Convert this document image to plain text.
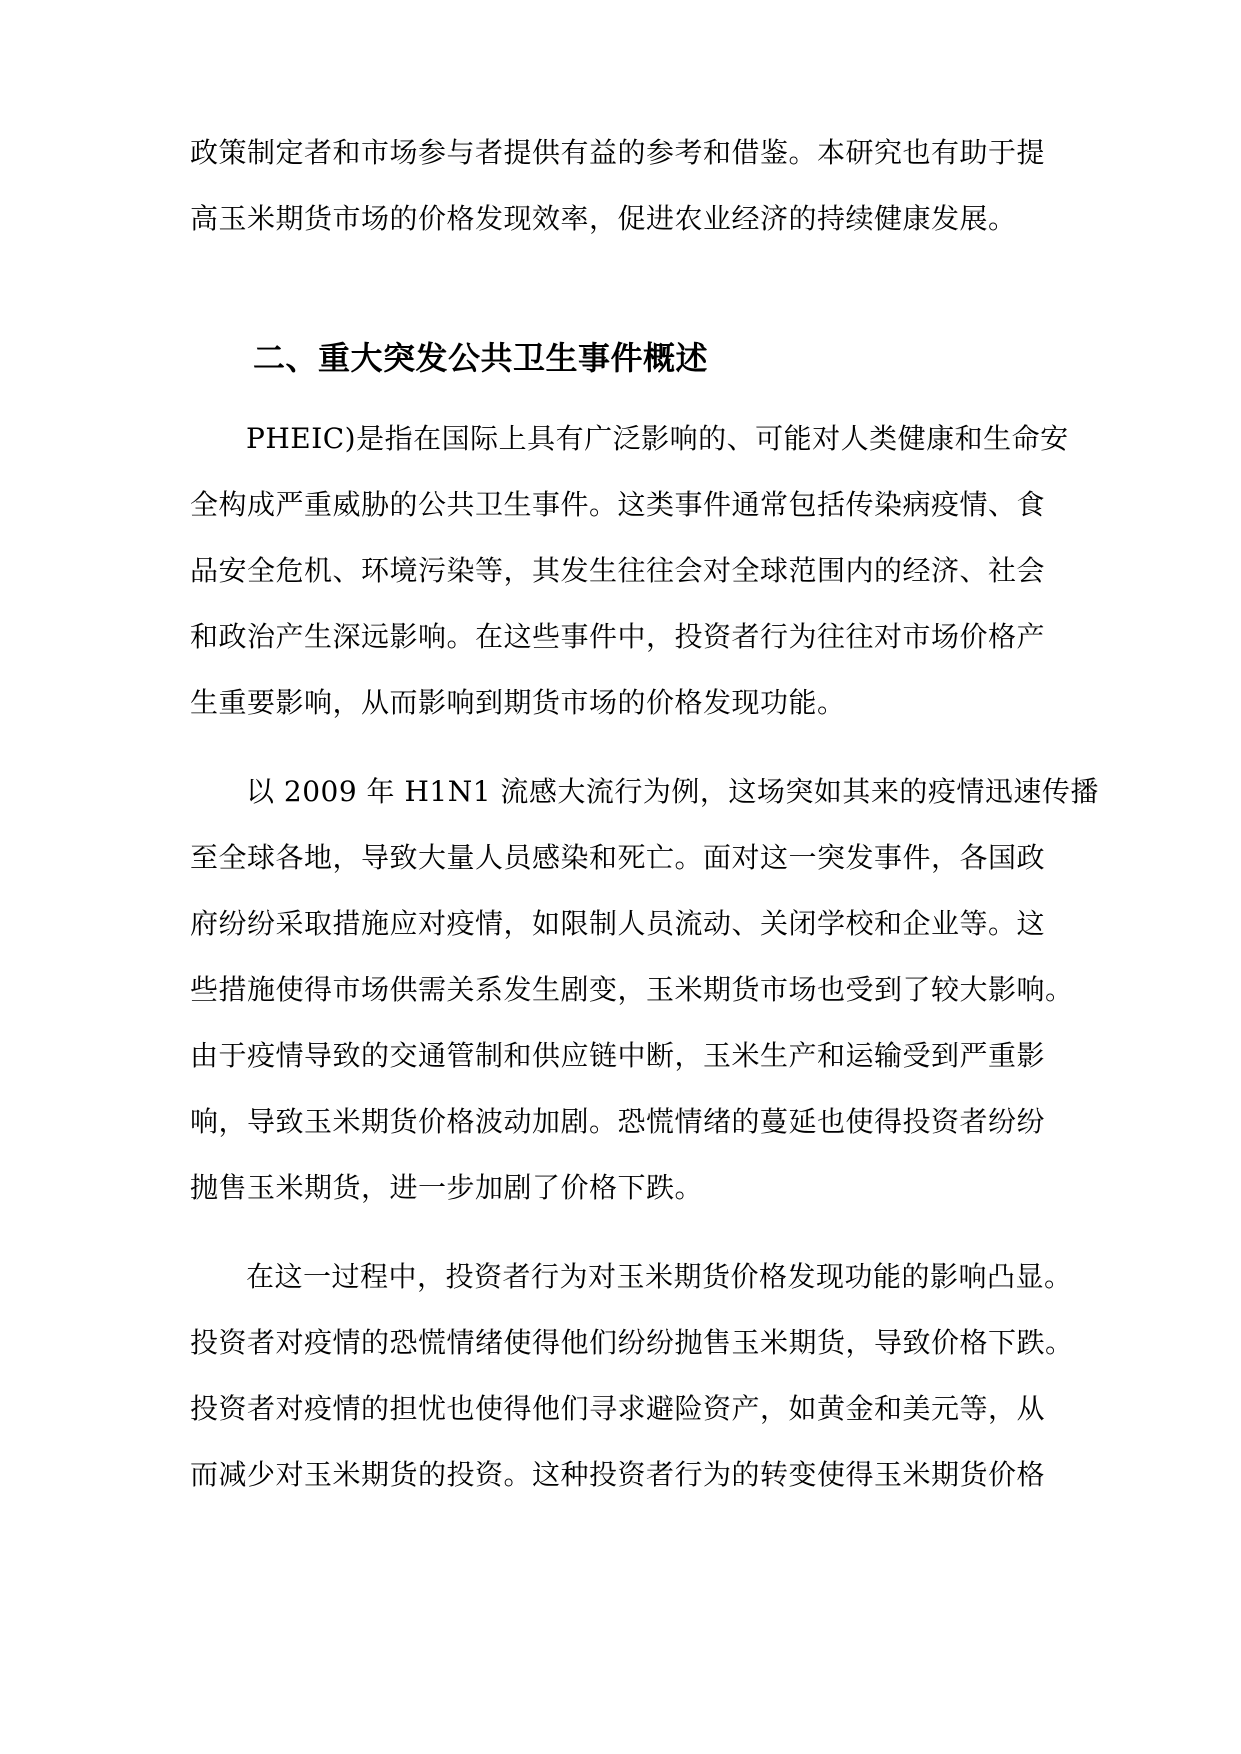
政策制定者和市场参与者提供有益的参考和借鉴。本研究也有助于提
高玉米期货市场的价格发现效率，促进农业经济的持续健康发展。
二、重大突发公共卫生事件概述
PHEIC)是指在国际上具有广泛影响的、可能对人类健康和生命安
全构成严重威胁的公共卫生事件。这类事件通常包括传染病疫情、食
品安全危机、环境污染等，其发生往往会对全球范围内的经济、社会
和政治产生深远影响。在这些事件中，投资者行为往往对市场价格产
生重要影响，从而影响到期货市场的价格发现功能。
以 2009 年 H1N1 流感大流行为例，这场突如其来的疫情迅速传播
至全球各地，导致大量人员感染和死亡。面对这一突发事件，各国政
府纷纷采取措施应对疫情，如限制人员流动、关闭学校和企业等。这
些措施使得市场供需关系发生剧变，玉米期货市场也受到了较大影响。
由于疫情导致的交通管制和供应链中断，玉米生产和运输受到严重影
响，导致玉米期货价格波动加剧。恐慌情绪的蔓延也使得投资者纷纷
抛售玉米期货，进一步加剧了价格下跌。
在这一过程中，投资者行为对玉米期货价格发现功能的影响凸显。
投资者对疫情的恐慌情绪使得他们纷纷抛售玉米期货，导致价格下跌。
投资者对疫情的担忧也使得他们寻求避险资产，如黄金和美元等，从
而减少对玉米期货的投资。这种投资者行为的转变使得玉米期货价格
